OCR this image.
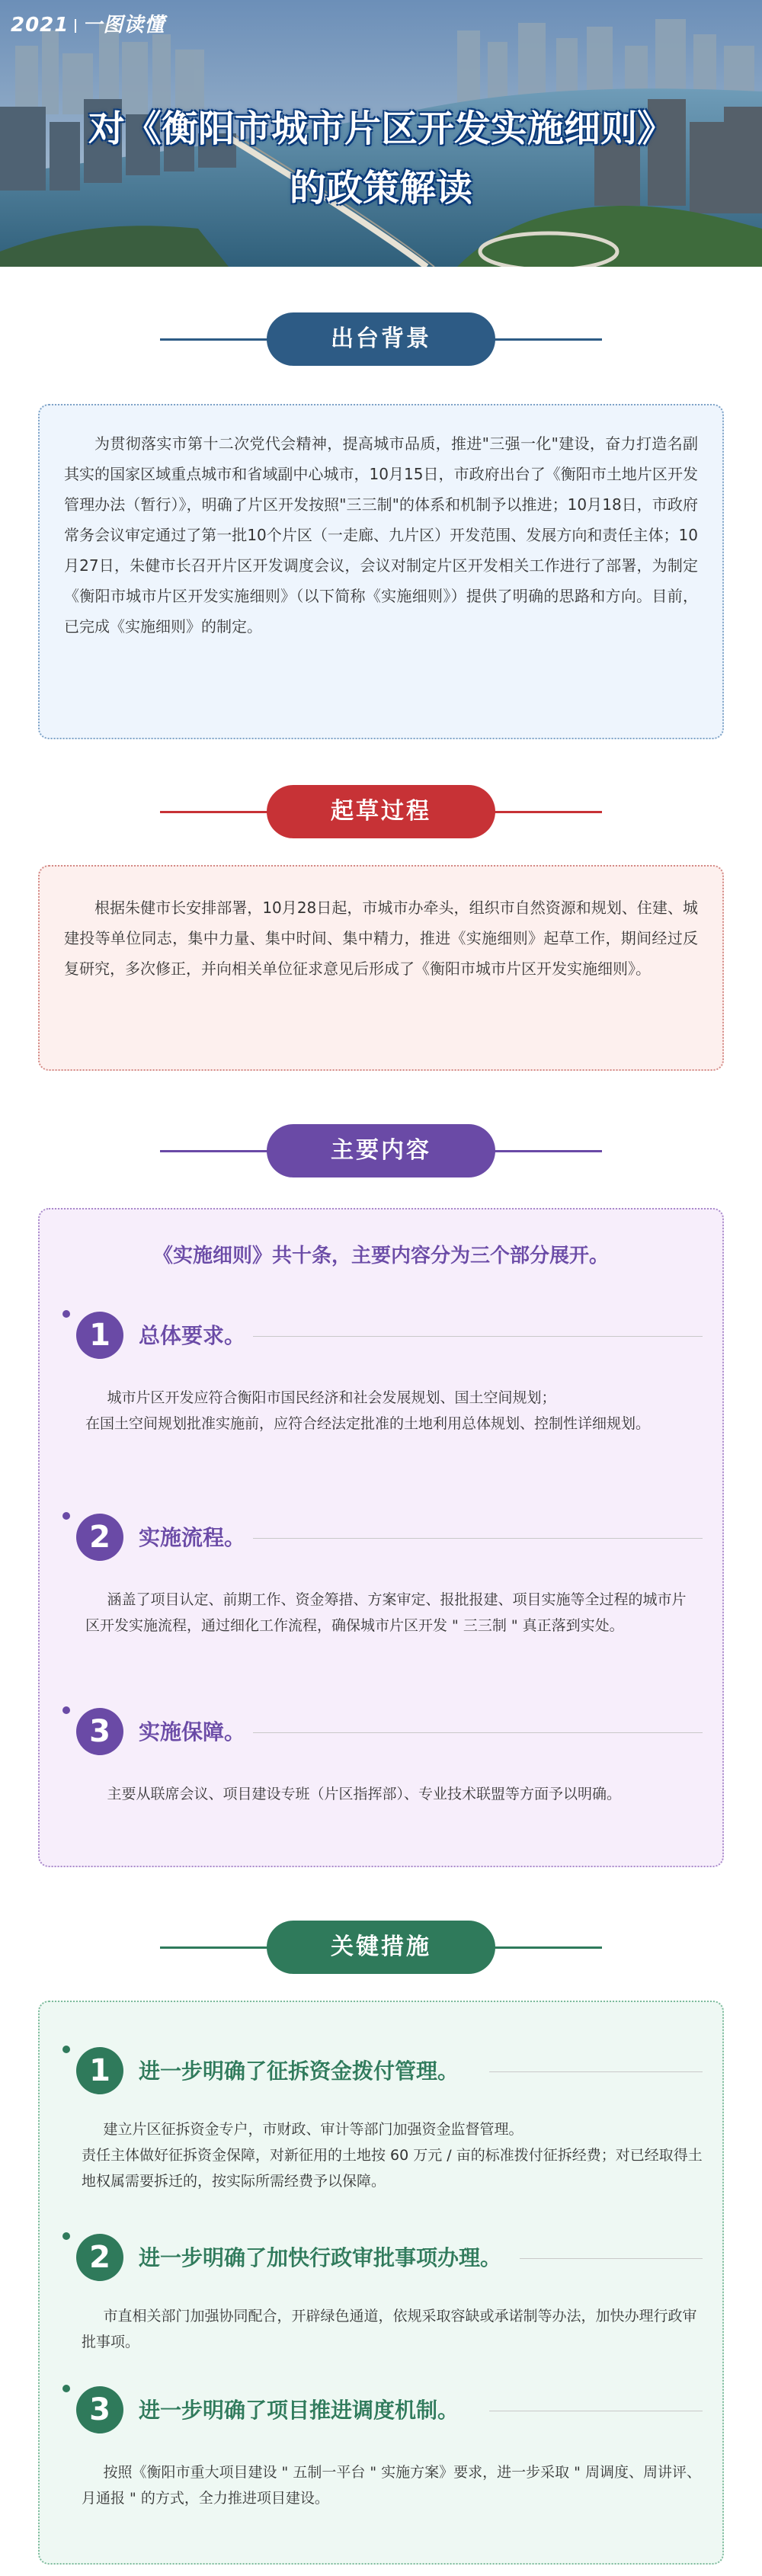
2021 一图读懂
对《衡阳市城市片区开发实施细则》
的政策解读
出台背景

为贯彻落实市第十二次党代会精神，提高城市品质，推进"三强一化"建设，奋力打造名副其实的国家区域重点城市和省域副中心城市，10月15日，市政府出台了《衡阳市土地片区开发管理办法（暂行）》，明确了片区开发按照"三三制"的体系和机制予以推进；10月18日，市政府常务会议审定通过了第一批10个片区（一走廊、九片区）开发范围、发展方向和责任主体；10月27日，朱健市长召开片区开发调度会议，会议对制定片区开发相关工作进行了部署，为制定《衡阳市城市片区开发实施细则》（以下简称《实施细则》）提供了明确的思路和方向。目前，已完成《实施细则》的制定。

起草过程

根据朱健市长安排部署，10月28日起，市城市办牵头，组织市自然资源和规划、住建、城建投等单位同志，集中力量、集中时间、集中精力，推进《实施细则》起草工作，期间经过反复研究，多次修正，并向相关单位征求意见后形成了《衡阳市城市片区开发实施细则》。

主要内容
《实施细则》共十条，主要内容分为三个部分展开。
1	总体要求。
城市片区开发应符合衡阳市国民经济和社会发展规划、国土空间规划；
在国土空间规划批准实施前，应符合经法定批准的土地利用总体规划、控制性详细规划。
2	实施流程。
涵盖了项目认定、前期工作、资金筹措、方案审定、报批报建、项目实施等全过程的城市片区开发实施流程，通过细化工作流程，确保城市片区开发 " 三三制 " 真正落到实处。
3	实施保障。
主要从联席会议、项目建设专班（片区指挥部）、专业技术联盟等方面予以明确。
关键措施
1	进一步明确了征拆资金拨付管理。
建立片区征拆资金专户，市财政、审计等部门加强资金监督管理。
责任主体做好征拆资金保障，对新征用的土地按 60 万元 / 亩的标准拨付征拆经费；对已经取得土地权属需要拆迁的，按实际所需经费予以保障。
2	进一步明确了加快行政审批事项办理。
市直相关部门加强协同配合，开辟绿色通道，依规采取容缺或承诺制等办法，加快办理行政审批事项。
3	进一步明确了项目推进调度机制。
按照《衡阳市重大项目建设 " 五制一平台 " 实施方案》要求，进一步采取 " 周调度、周讲评、月通报 " 的方式，全力推进项目建设。
